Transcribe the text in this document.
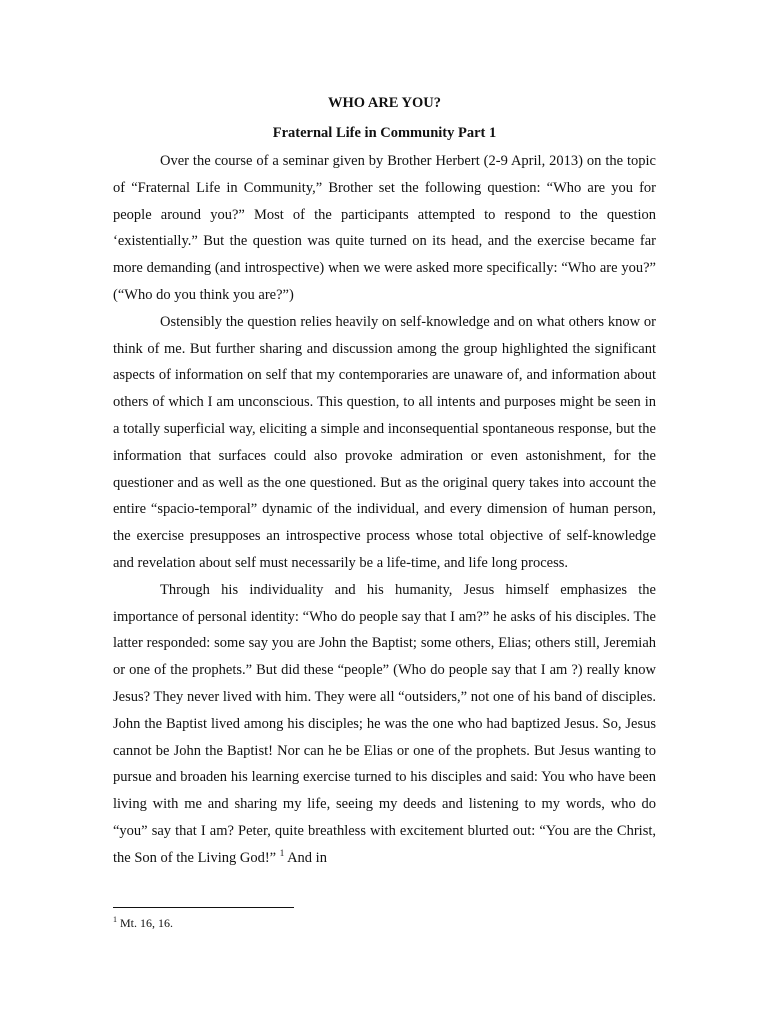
WHO ARE YOU?

Fraternal Life in Community Part 1

Over the course of a seminar given by Brother Herbert (2-9 April, 2013) on the topic of “Fraternal Life in Community,” Brother set the following question: “Who are you for people around you?” Most of the participants attempted to respond to the question ‘existentially.” But the question was quite turned on its head, and the exercise became far more demanding (and introspective) when we were asked more specifically: “Who are you?” (“Who do you think you are?”)

Ostensibly the question relies heavily on self-knowledge and on what others know or think of me. But further sharing and discussion among the group highlighted the significant aspects of information on self that my contemporaries are unaware of, and information about others of which I am unconscious. This question, to all intents and purposes might be seen in a totally superficial way, eliciting a simple and inconsequential spontaneous response, but the information that surfaces could also provoke admiration or even astonishment, for the questioner and as well as the one questioned. But as the original query takes into account the entire “spacio-temporal” dynamic of the individual, and every dimension of human person, the exercise presupposes an introspective process whose total objective of self-knowledge and revelation about self must necessarily be a life-time, and life long process.

Through his individuality and his humanity, Jesus himself emphasizes the importance of personal identity: “Who do people say that I am?” he asks of his disciples. The latter responded: some say you are John the Baptist; some others, Elias; others still, Jeremiah or one of the prophets.” But did these “people” (Who do people say that I am ?) really know Jesus? They never lived with him. They were all “outsiders,” not one of his band of disciples. John the Baptist lived among his disciples; he was the one who had baptized Jesus. So, Jesus cannot be John the Baptist! Nor can he be Elias or one of the prophets. But Jesus wanting to pursue and broaden his learning exercise turned to his disciples and said: You who have been living with me and sharing my life, seeing my deeds and listening to my words, who do “you” say that I am? Peter, quite breathless with excitement blurted out: “You are the Christ, the Son of the Living God!” $^1$ And in

$^1$ Mt. 16, 16.
